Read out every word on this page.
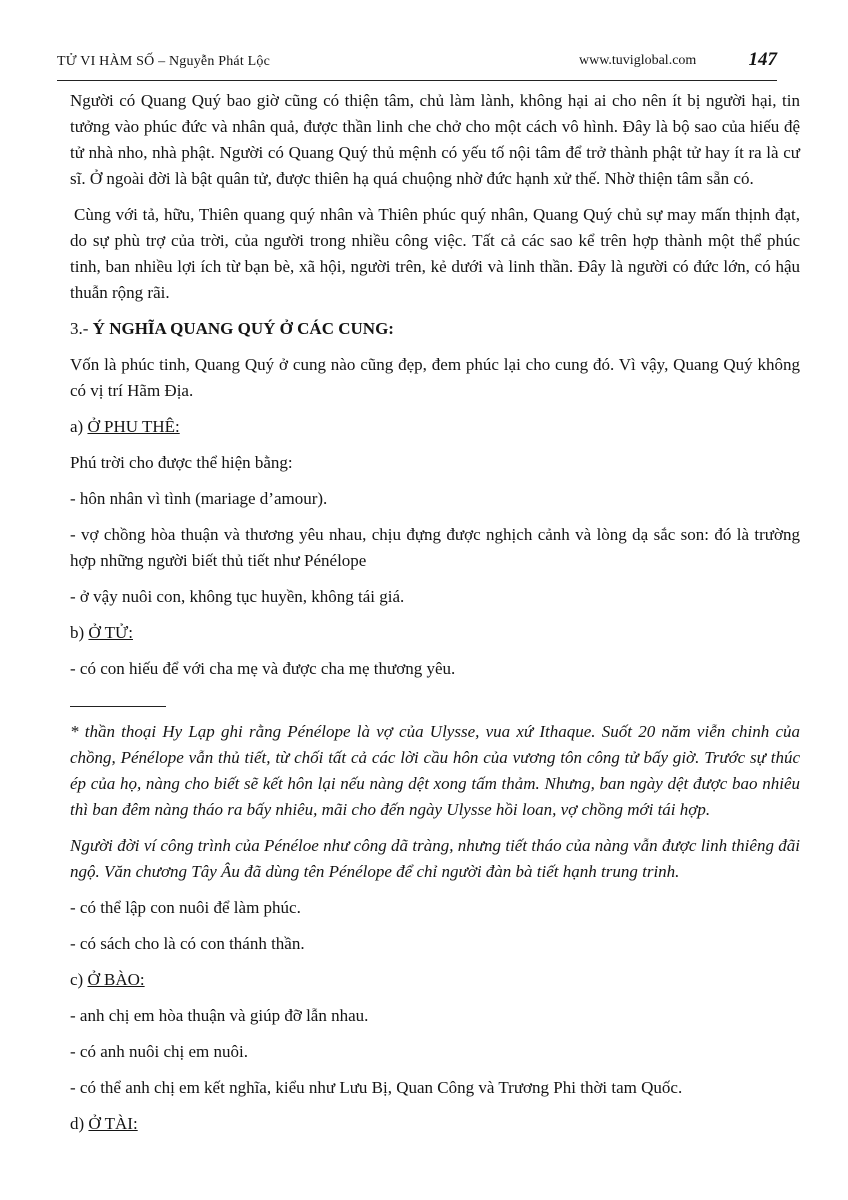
TỬ VI HÀM SỐ – Nguyễn Phát Lộc	www.tuviglobal.com	147

Người có Quang Quý bao giờ cũng có thiện tâm, chủ làm lành, không hại ai cho nên ít bị người hại, tin tưởng vào phúc đức và nhân quả, được thần linh che chở cho một cách vô hình. Đây là bộ sao của hiếu đệ tử nhà nho, nhà phật. Người có Quang Quý thủ mệnh có yếu tố nội tâm để trở thành phật tử hay ít ra là cư sĩ. Ở ngoài đời là bật quân tử, được thiên hạ quá chuộng nhờ đức hạnh xử thế. Nhờ thiện tâm sẵn có.

Cùng với tả, hữu, Thiên quang quý nhân và Thiên phúc quý nhân, Quang Quý chủ sự may mấn thịnh đạt, do sự phù trợ của trời, của người trong nhiều công việc. Tất cả các sao kể trên hợp thành một thể phúc tinh, ban nhiều lợi ích từ bạn bè, xã hội, người trên, kẻ dưới và linh thần. Đây là người có đức lớn, có hậu thuẫn rộng rãi.

3.- Ý NGHĨA QUANG QUÝ Ở CÁC CUNG:

Vốn là phúc tinh, Quang Quý ở cung nào cũng đẹp, đem phúc lại cho cung đó. Vì vậy, Quang Quý không có vị trí Hãm Địa.

a) Ở PHU THÊ:

Phú trời cho được thể hiện bằng:

- hôn nhân vì tình (mariage d’amour).

- vợ chồng hòa thuận và thương yêu nhau, chịu đựng được nghịch cảnh và lòng dạ sắc son: đó là trường hợp những người biết thủ tiết như Pénélope

- ở vậy nuôi con, không tục huyền, không tái giá.

b) Ở TỬ:

- có con hiếu để với cha mẹ và được cha mẹ thương yêu.

* thần thoại Hy Lạp ghi rằng Pénélope là vợ của Ulysse, vua xứ Ithaque. Suốt 20 năm viễn chinh của chồng, Pénélope vẫn thủ tiết, từ chối tất cả các lời cầu hôn của vương tôn công tử bấy giờ. Trước sự thúc ép của họ, nàng cho biết sẽ kết hôn lại nếu nàng dệt xong tấm thảm. Nhưng, ban ngày dệt được bao nhiêu thì ban đêm nàng tháo ra bấy nhiêu, mãi cho đến ngày Ulysse hồi loan, vợ chồng mới tái hợp.

Người đời ví công trình của Pénéloe như công dã tràng, nhưng tiết tháo của nàng vẫn được linh thiêng đãi ngộ. Văn chương Tây Âu đã dùng tên Pénélope để chỉ người đàn bà tiết hạnh trung trinh.

- có thể lập con nuôi để làm phúc.

- có sách cho là có con thánh thần.

c) Ở BÀO:

- anh chị em hòa thuận và giúp đỡ lẫn nhau.

- có anh nuôi chị em nuôi.

- có thể anh chị em kết nghĩa, kiểu như Lưu Bị, Quan Công và Trương Phi thời tam Quốc.

d) Ở TÀI:
